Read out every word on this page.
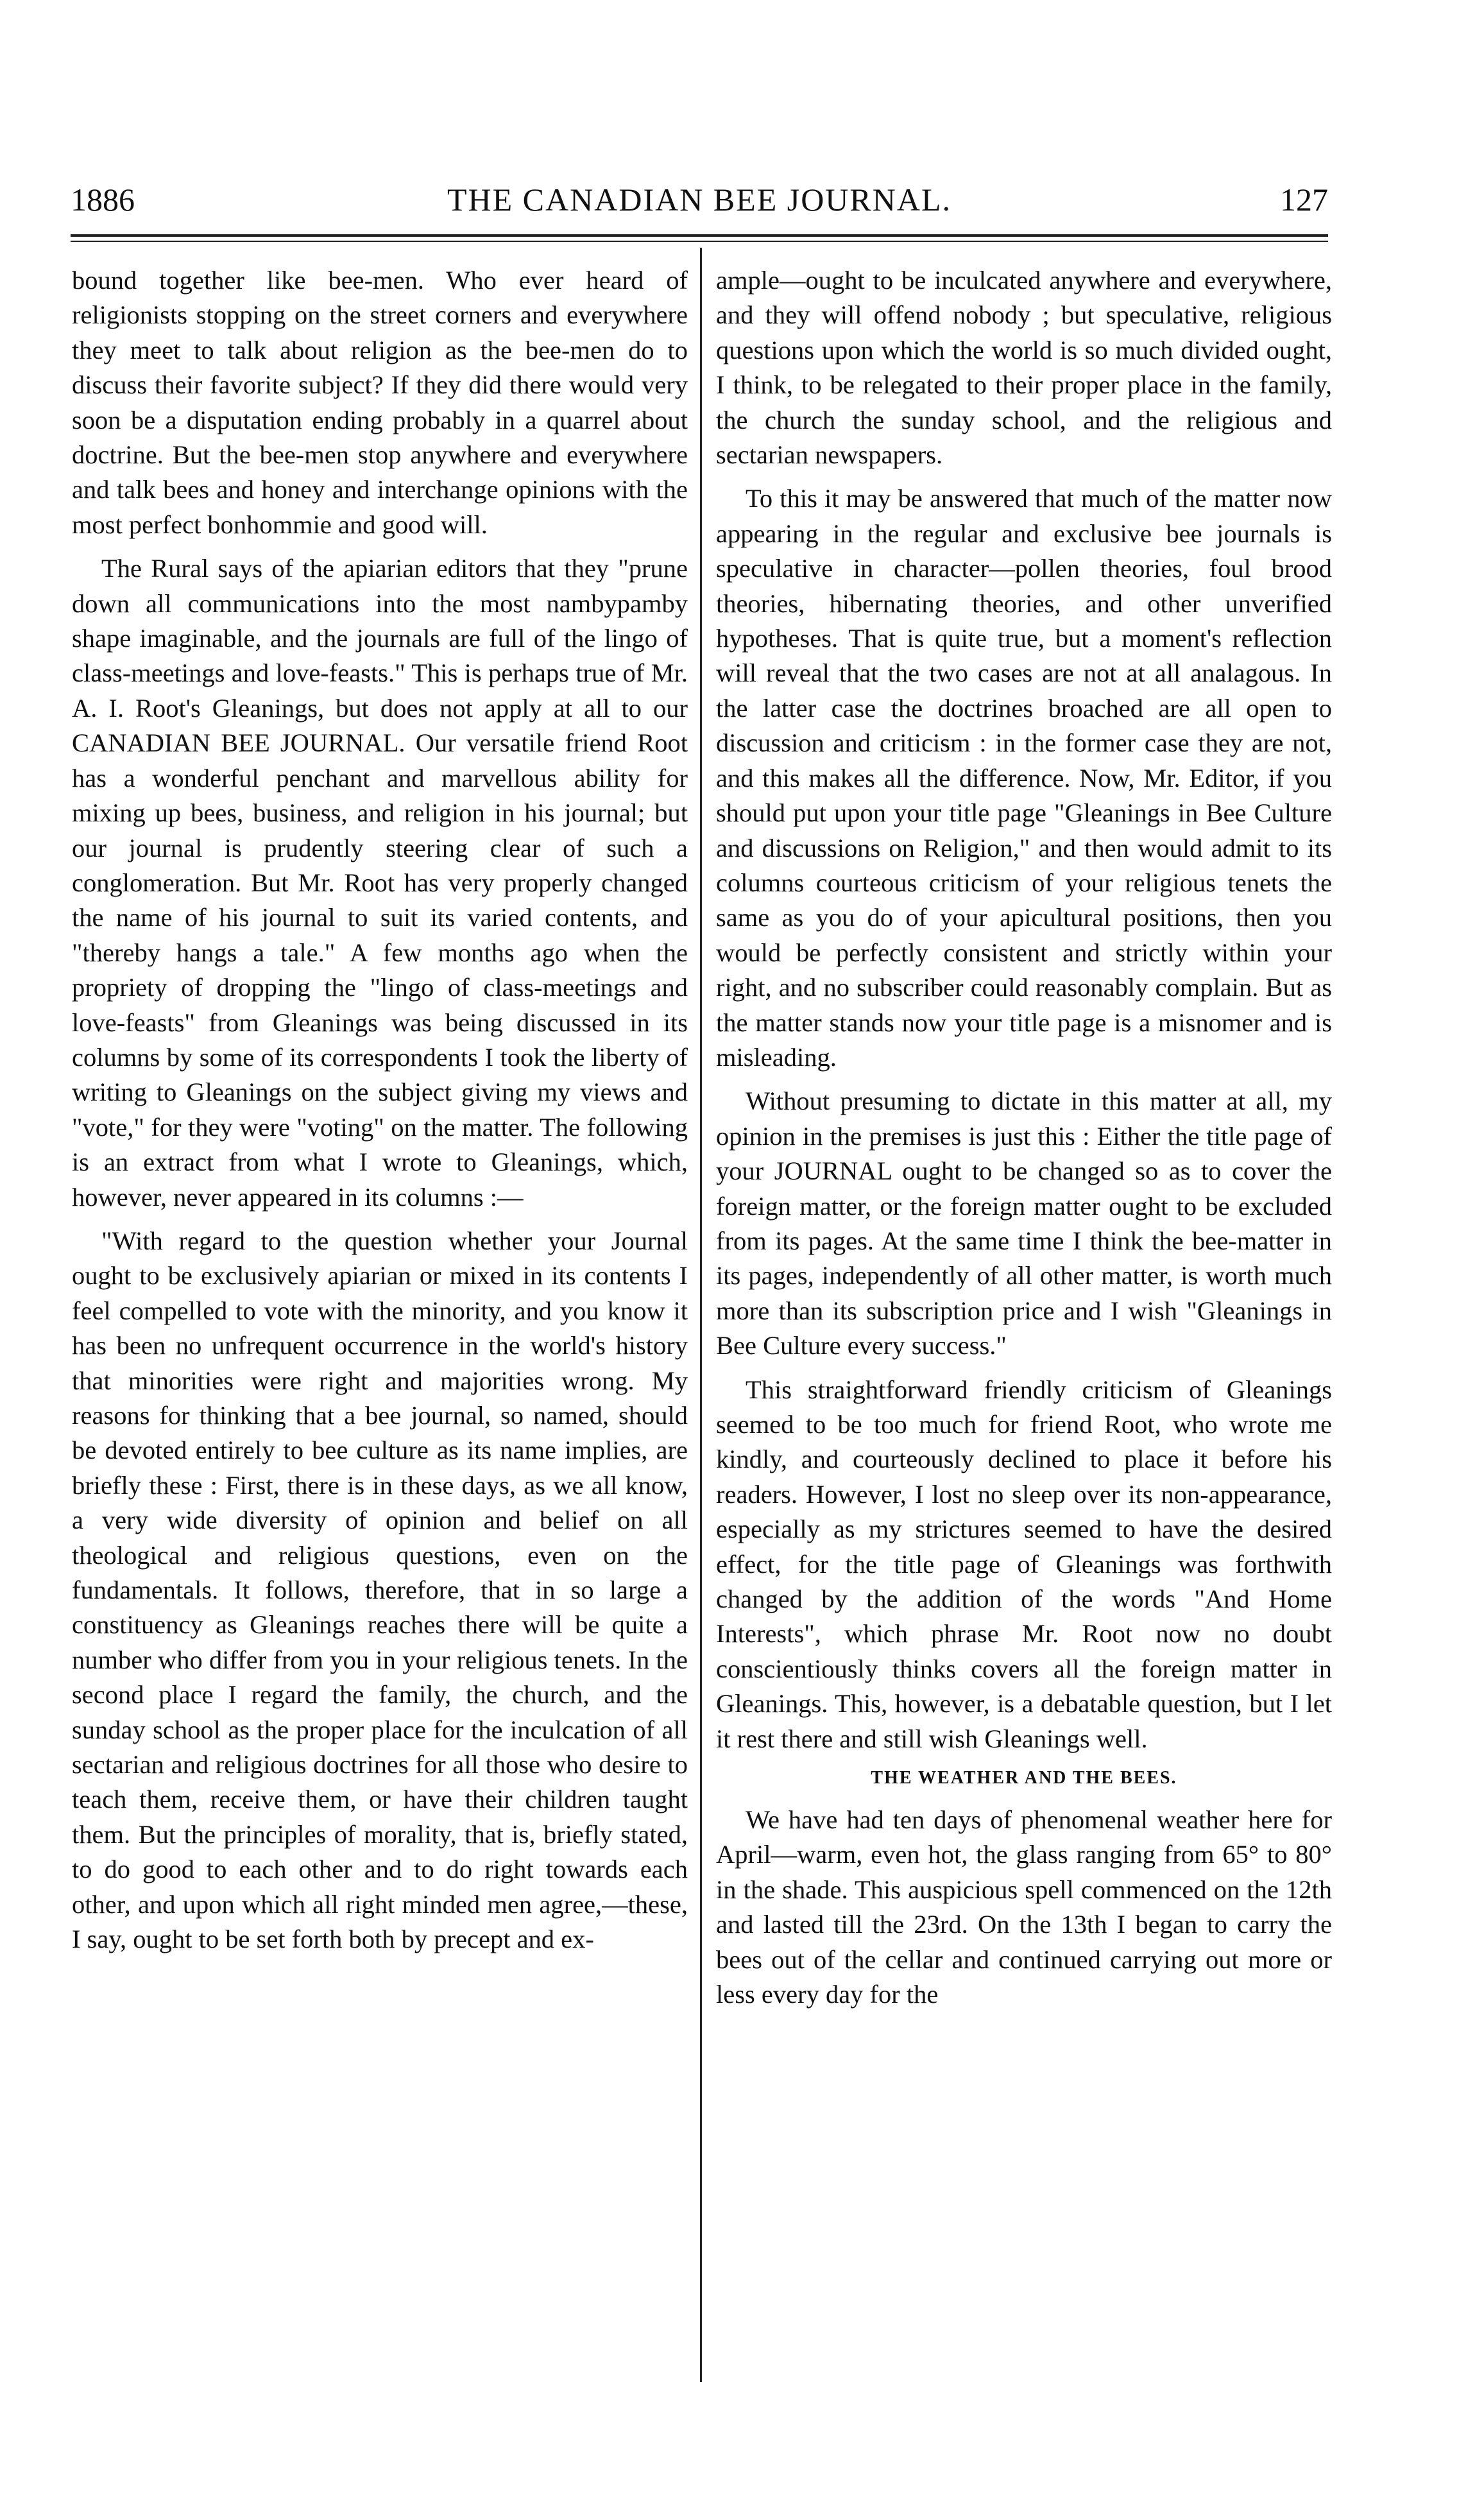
1886	THE CANADIAN BEE JOURNAL.	127

bound together like bee-men. Who ever heard of religionists stopping on the street corners and everywhere they meet to talk about religion as the bee-men do to discuss their favorite subject? If they did there would very soon be a disputation ending probably in a quarrel about doctrine. But the bee-men stop anywhere and everywhere and talk bees and honey and interchange opinions with the most perfect bonhommie and good will.

The Rural says of the apiarian editors that they "prune down all communications into the most nambypamby shape imaginable, and the journals are full of the lingo of class-meetings and love-feasts." This is perhaps true of Mr. A. I. Root's Gleanings, but does not apply at all to our CANADIAN BEE JOURNAL. Our versatile friend Root has a wonderful penchant and marvellous ability for mixing up bees, business, and religion in his journal; but our journal is prudently steering clear of such a conglomeration. But Mr. Root has very properly changed the name of his journal to suit its varied contents, and "thereby hangs a tale." A few months ago when the propriety of dropping the "lingo of class-meetings and love-feasts" from Gleanings was being discussed in its columns by some of its correspondents I took the liberty of writing to Gleanings on the subject giving my views and "vote," for they were "voting" on the matter. The following is an extract from what I wrote to Gleanings, which, however, never appeared in its columns :—

"With regard to the question whether your Journal ought to be exclusively apiarian or mixed in its contents I feel compelled to vote with the minority, and you know it has been no unfrequent occurrence in the world's history that minorities were right and majorities wrong. My reasons for thinking that a bee journal, so named, should be devoted entirely to bee culture as its name implies, are briefly these : First, there is in these days, as we all know, a very wide diversity of opinion and belief on all theological and religious questions, even on the fundamentals. It follows, therefore, that in so large a constituency as Gleanings reaches there will be quite a number who differ from you in your religious tenets. In the second place I regard the family, the church, and the sunday school as the proper place for the inculcation of all sectarian and religious doctrines for all those who desire to teach them, receive them, or have their children taught them. But the principles of morality, that is, briefly stated, to do good to each other and to do right towards each other, and upon which all right minded men agree,—these, I say, ought to be set forth both by precept and ex-

ample—ought to be inculcated anywhere and everywhere, and they will offend nobody ; but speculative, religious questions upon which the world is so much divided ought, I think, to be relegated to their proper place in the family, the church the sunday school, and the religious and sectarian newspapers.

To this it may be answered that much of the matter now appearing in the regular and exclusive bee journals is speculative in character—pollen theories, foul brood theories, hibernating theories, and other unverified hypotheses. That is quite true, but a moment's reflection will reveal that the two cases are not at all analagous. In the latter case the doctrines broached are all open to discussion and criticism : in the former case they are not, and this makes all the difference. Now, Mr. Editor, if you should put upon your title page "Gleanings in Bee Culture and discussions on Religion," and then would admit to its columns courteous criticism of your religious tenets the same as you do of your apicultural positions, then you would be perfectly consistent and strictly within your right, and no subscriber could reasonably complain. But as the matter stands now your title page is a misnomer and is misleading.

Without presuming to dictate in this matter at all, my opinion in the premises is just this : Either the title page of your JOURNAL ought to be changed so as to cover the foreign matter, or the foreign matter ought to be excluded from its pages. At the same time I think the bee-matter in its pages, independently of all other matter, is worth much more than its subscription price and I wish "Gleanings in Bee Culture every success."

This straightforward friendly criticism of Gleanings seemed to be too much for friend Root, who wrote me kindly, and courteously declined to place it before his readers. However, I lost no sleep over its non-appearance, especially as my strictures seemed to have the desired effect, for the title page of Gleanings was forthwith changed by the addition of the words "And Home Interests", which phrase Mr. Root now no doubt conscientiously thinks covers all the foreign matter in Gleanings. This, however, is a debatable question, but I let it rest there and still wish Gleanings well.

THE WEATHER AND THE BEES.

We have had ten days of phenomenal weather here for April—warm, even hot, the glass ranging from 65° to 80° in the shade. This auspicious spell commenced on the 12th and lasted till the 23rd. On the 13th I began to carry the bees out of the cellar and continued carrying out more or less every day for the
